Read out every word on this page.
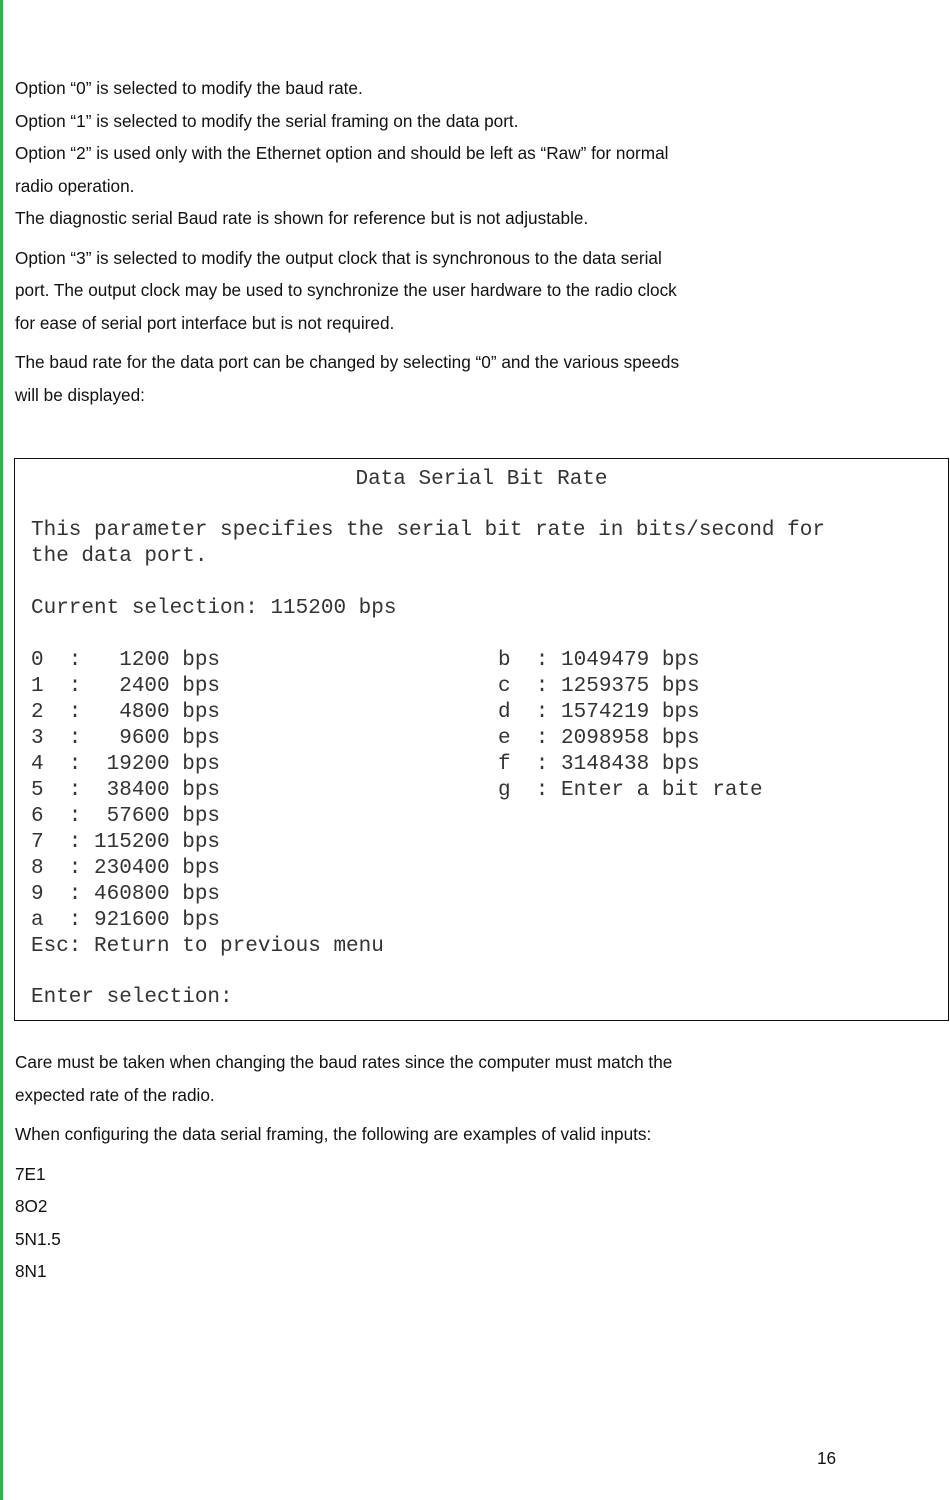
Option “0” is selected to modify the baud rate.

Option “1” is selected to modify the serial framing on the data port.

Option “2” is used only with the Ethernet option and should be left as “Raw” for normal

radio operation.

The diagnostic serial Baud rate is shown for reference but is not adjustable.

Option “3” is selected to modify the output clock that is synchronous to the data serial

port. The output clock may be used to synchronize the user hardware to the radio clock

for ease of serial port interface but is not required.

The baud rate for the data port can be changed by selecting “0” and the various speeds

will be displayed:

Data Serial Bit Rate
This parameter specifies the serial bit rate in bits/second for
the data port.
Current selection: 115200 bps
0  :   1200 bps
1  :   2400 bps
2  :   4800 bps
3  :   9600 bps
4  :  19200 bps
5  :  38400 bps
6  :  57600 bps
7  : 115200 bps
8  : 230400 bps
9  : 460800 bps
a  : 921600 bps
b  : 1049479 bps
c  : 1259375 bps
d  : 1574219 bps
e  : 2098958 bps
f  : 3148438 bps
g  : Enter a bit rate
Esc: Return to previous menu
Enter selection:

Care must be taken when changing the baud rates since the computer must match the

expected rate of the radio.

When configuring the data serial framing, the following are examples of valid inputs:

7E1

8O2

5N1.5

8N1

16
